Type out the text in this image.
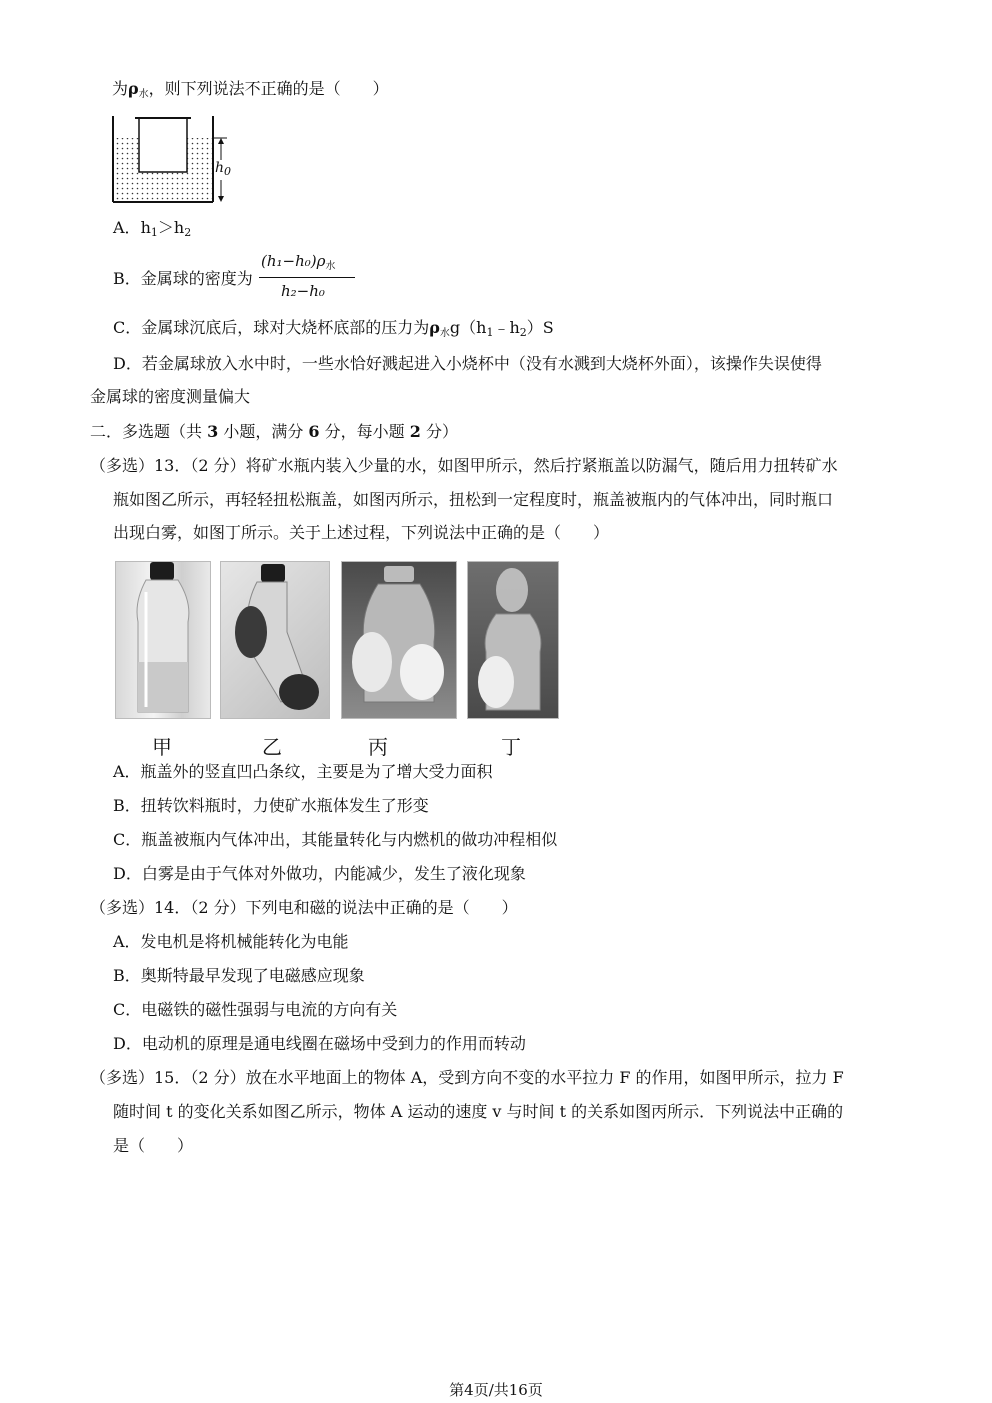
为ρ水，则下列说法不正确的是（　　）
$h_0$
A．$h_1>h_2$
B．金属球的密度为
$(h_1-h_0)\rho_水$
h₂−h₀
C．金属球沉底后，球对大烧杯底部的压力为ρ水$g(h_1﹣h_2)S$
D．若金属球放入水中时，一些水恰好溅起进入小烧杯中（没有水溅到大烧杯外面），该操作失误使得
金属球的密度测量偏大
二．多选题（共 3 小题，满分 6 分，每小题 2 分）
（多选）13．（2 分）将矿水瓶内装入少量的水，如图甲所示，然后拧紧瓶盖以防漏气，随后用力扭转矿水
瓶如图乙所示，再轻轻扭松瓶盖，如图丙所示，扭松到一定程度时，瓶盖被瓶内的气体冲出，同时瓶口
出现白雾，如图丁所示。关于上述过程，下列说法中正确的是（　　）
甲	乙	丙	丁
A．瓶盖外的竖直凹凸条纹，主要是为了增大受力面积
B．扭转饮料瓶时，力使矿水瓶体发生了形变
C．瓶盖被瓶内气体冲出，其能量转化与内燃机的做功冲程相似
D．白雾是由于气体对外做功，内能减少，发生了液化现象
（多选）14．（2 分）下列电和磁的说法中正确的是（　　）
A．发电机是将机械能转化为电能
B．奥斯特最早发现了电磁感应现象
C．电磁铁的磁性强弱与电流的方向有关
D．电动机的原理是通电线圈在磁场中受到力的作用而转动
（多选）15．（2 分）放在水平地面上的物体 A，受到方向不变的水平拉力 F 的作用，如图甲所示，拉力 F
随时间 t 的变化关系如图乙所示，物体 A 运动的速度 v 与时间 t 的关系如图丙所示．下列说法中正确的
是（　　）
第4页/共16页
